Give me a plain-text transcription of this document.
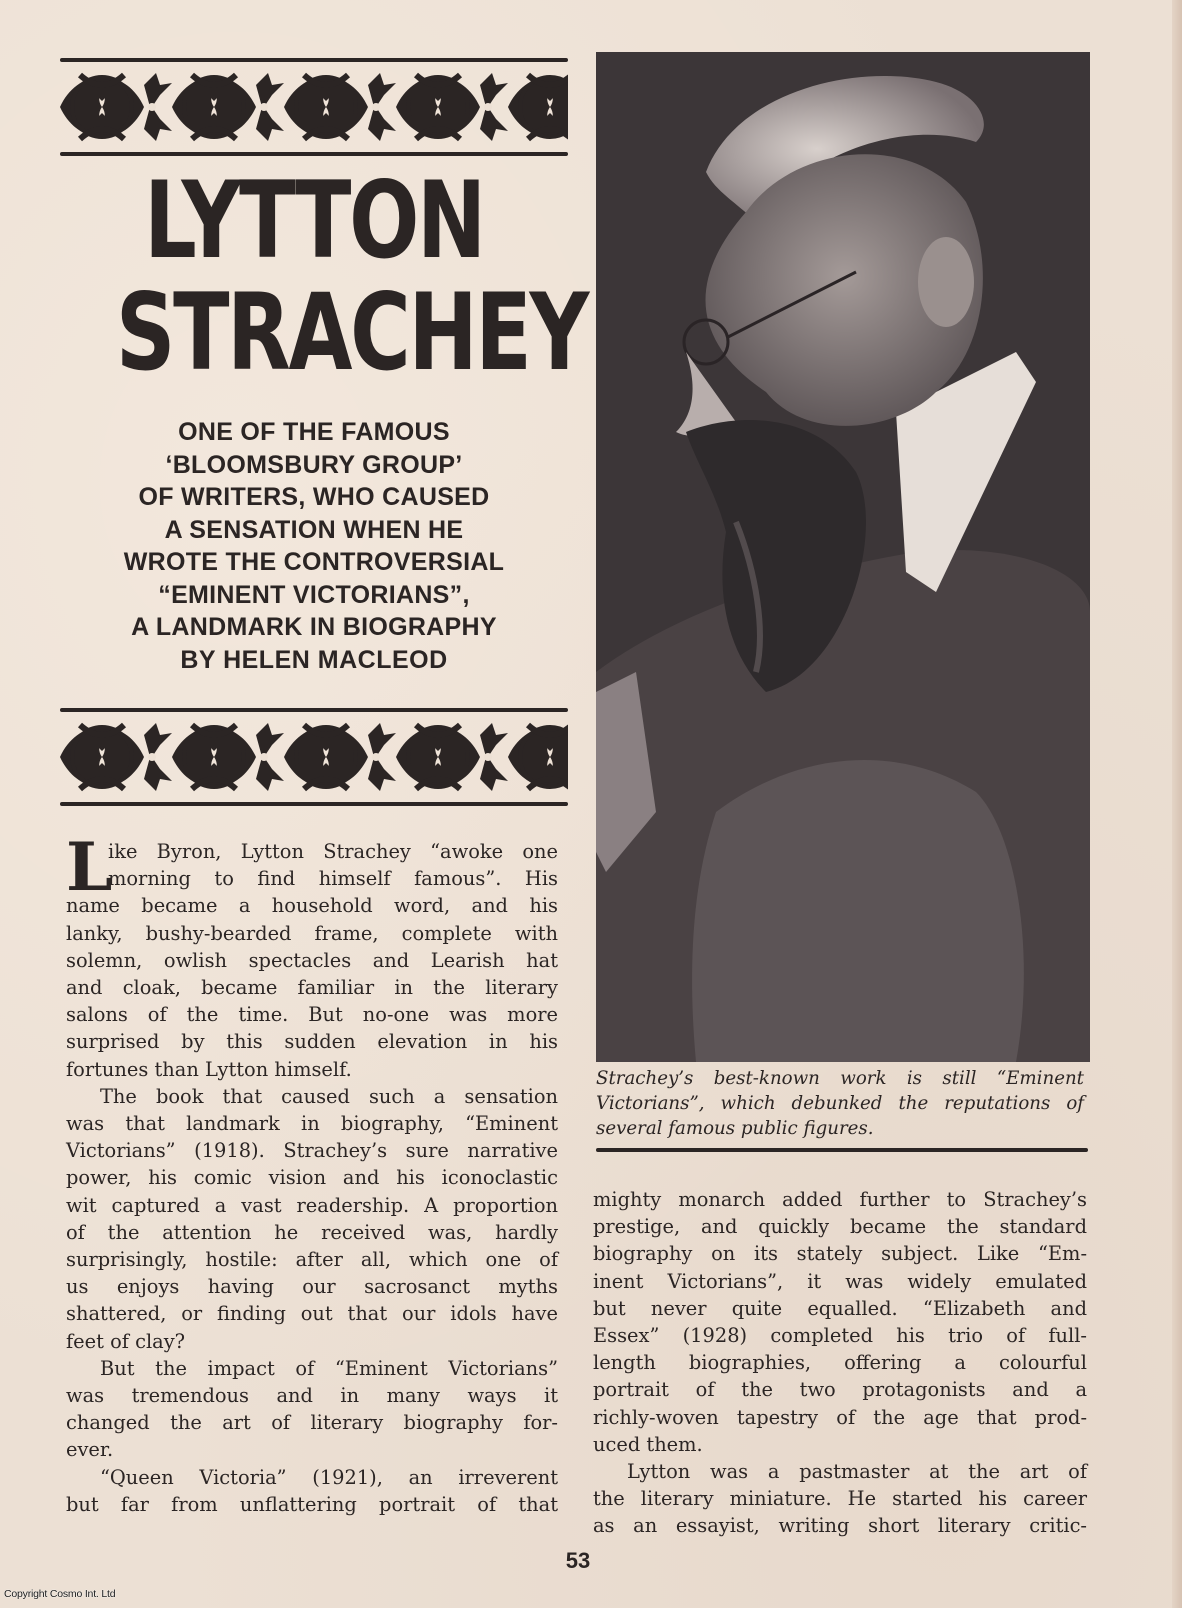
LYTTON
STRACHEY
ONE OF THE FAMOUS
‘BLOOMSBURY GROUP’
OF WRITERS, WHO CAUSED
A SENSATION WHEN HE
WROTE THE CONTROVERSIAL
“EMINENT VICTORIANS”,
A LANDMARK IN BIOGRAPHY
BY HELEN MACLEOD
Strachey’s best-known work is still “Eminent
Victorians”, which debunked the reputations of
several famous public figures.
L
ike Byron, Lytton Strachey “awoke one
morning to find himself famous”. His
name became a household word, and his
lanky, bushy-bearded frame, complete with
solemn, owlish spectacles and Learish hat
and cloak, became familiar in the literary
salons of the time. But no-one was more
surprised by this sudden elevation in his
fortunes than Lytton himself.
The book that caused such a sensation
was that landmark in biography, “Eminent
Victorians” (1918). Strachey’s sure narrative
power, his comic vision and his iconoclastic
wit captured a vast readership. A proportion
of the attention he received was, hardly
surprisingly, hostile: after all, which one of
us enjoys having our sacrosanct myths
shattered, or finding out that our idols have
feet of clay?
But the impact of “Eminent Victorians”
was tremendous and in many ways it
changed the art of literary biography for-
ever.
“Queen Victoria” (1921), an irreverent
but far from unflattering portrait of that
mighty monarch added further to Strachey’s
prestige, and quickly became the standard
biography on its stately subject. Like “Em-
inent Victorians”, it was widely emulated
but never quite equalled. “Elizabeth and
Essex” (1928) completed his trio of full-
length biographies, offering a colourful
portrait of the two protagonists and a
richly-woven tapestry of the age that prod-
uced them.
Lytton was a pastmaster at the art of
the literary miniature. He started his career
as an essayist, writing short literary critic-
53
Copyright Cosmo Int. Ltd
